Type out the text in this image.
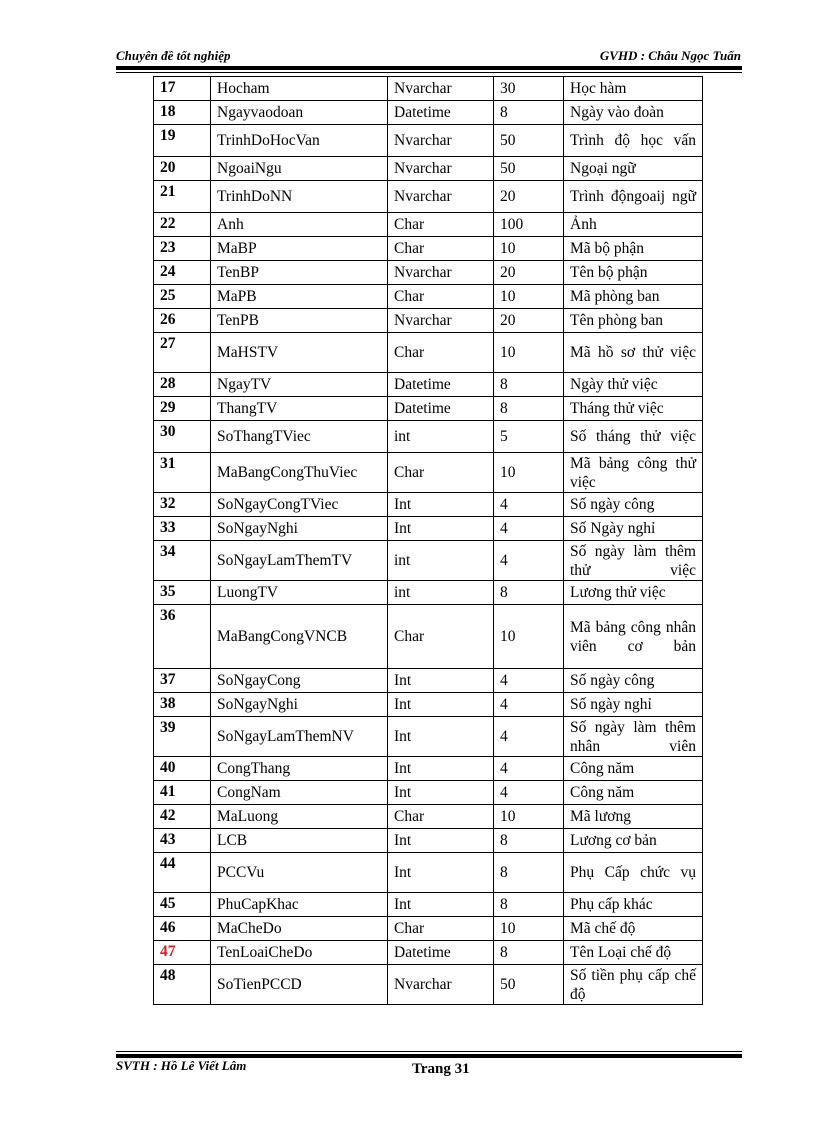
Chuyên đề tốt nghiệp	GVHD : Châu Ngọc Tuấn
17	Hocham	Nvarchar	30	Học hàm
18	Ngayvaodoan	Datetime	8	Ngày vào đoàn
19	TrinhDoHocVan	Nvarchar	50	Trình độ học vấn
20	NgoaiNgu	Nvarchar	50	Ngoại ngữ
21	TrinhDoNN	Nvarchar	20	Trình độngoaij ngữ
22	Anh	Char	100	Ảnh
23	MaBP	Char	10	Mã bộ phận
24	TenBP	Nvarchar	20	Tên bộ phận
25	MaPB	Char	10	Mã phòng ban
26	TenPB	Nvarchar	20	Tên phòng ban
27	MaHSTV	Char	10	Mã hồ sơ thử việc
28	NgayTV	Datetime	8	Ngày thử việc
29	ThangTV	Datetime	8	Tháng thử việc
30	SoThangTViec	int	5	Số tháng thử việc
31	MaBangCongThuViec	Char	10	Mã bảng công thử việc
32	SoNgayCongTViec	Int	4	Số ngày công
33	SoNgayNghi	Int	4	Số Ngày nghỉ
34	SoNgayLamThemTV	int	4	Số ngày làm thêm thử việc
35	LuongTV	int	8	Lương thử việc
36	MaBangCongVNCB	Char	10	Mã bảng công nhân viên cơ bản
37	SoNgayCong	Int	4	Số ngày công
38	SoNgayNghi	Int	4	Số ngày nghỉ
39	SoNgayLamThemNV	Int	4	Số ngày làm thêm nhân viên
40	CongThang	Int	4	Công năm
41	CongNam	Int	4	Công năm
42	MaLuong	Char	10	Mã lương
43	LCB	Int	8	Lương cơ bản
44	PCCVu	Int	8	Phụ Cấp chức vụ
45	PhuCapKhac	Int	8	Phụ cấp khác
46	MaCheDo	Char	10	Mã chế độ
47	TenLoaiCheDo	Datetime	8	Tên Loại chế độ
48	SoTienPCCD	Nvarchar	50	Số tiền phụ cấp chế độ
SVTH : Hồ Lê Viết Lâm	Trang 31
